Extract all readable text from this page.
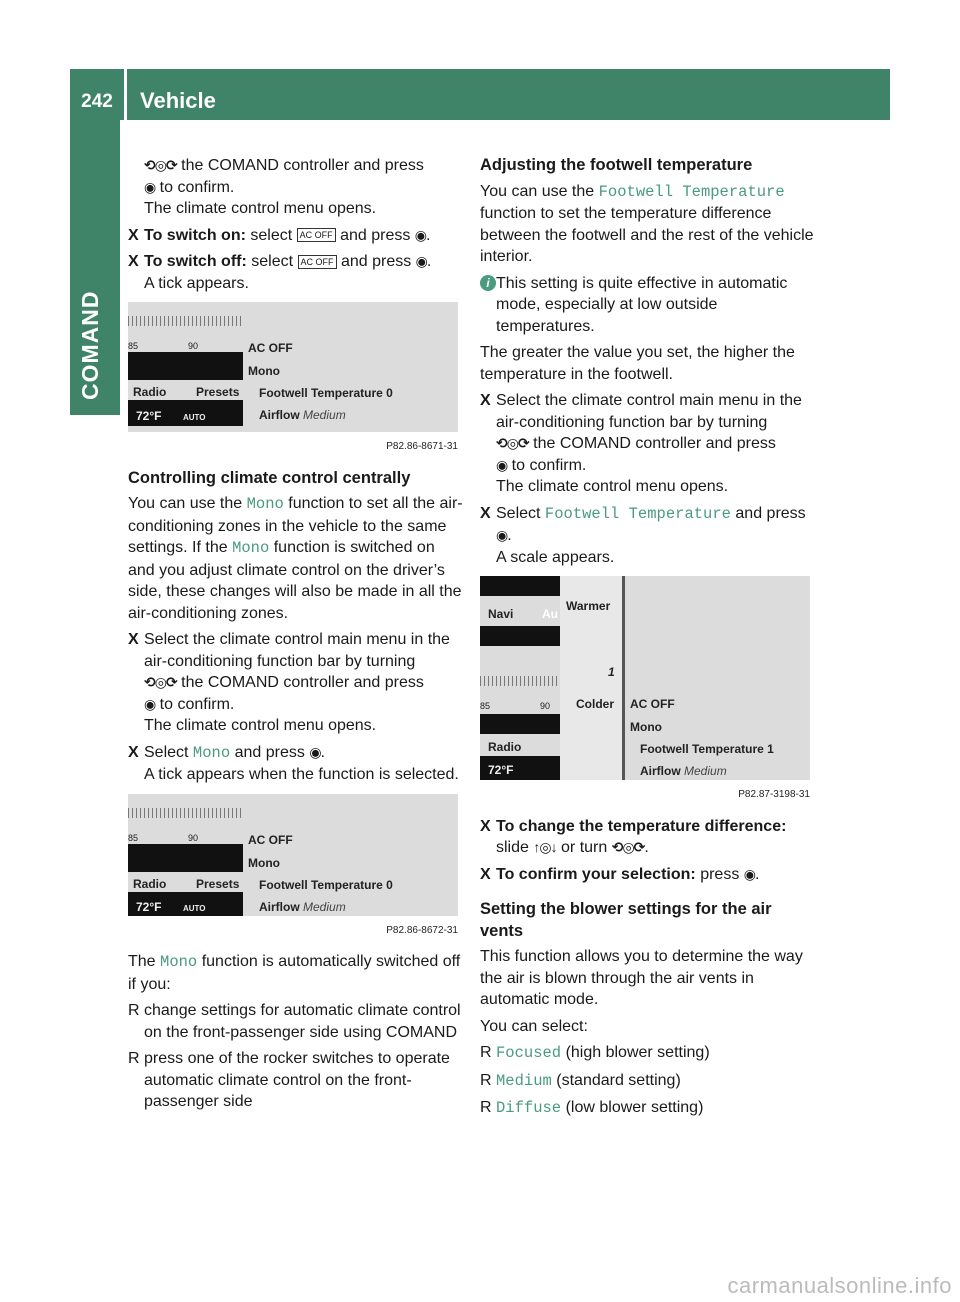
242	Vehicle
COMAND

⟲◎⟳ the COMAND controller and press
◉ to confirm.
The climate control menu opens.

X To switch on: select AC OFF and press ◉.
X To switch off: select AC OFF and press ◉.
A tick appears.
85	90
Radio Presets
72°F	AUTO
AC OFF
Mono
Footwell Temperature 0
Airflow Medium
P82.86-8671-31

Controlling climate control centrally

You can use the Mono function to set all the air-conditioning zones in the vehicle to the same settings. If the Mono function is switched on and you adjust climate control on the driver’s side, these changes will also be made in all the air-conditioning zones.

X Select the climate control main menu in the air-conditioning function bar by turning
⟲◎⟳ the COMAND controller and press
◉ to confirm.
The climate control menu opens.
X Select Mono and press ◉.
A tick appears when the function is selected.
85	90
Radio Presets
72°F	AUTO
AC OFF
Mono
Footwell Temperature 0
Airflow Medium
P82.86-8672-31

The Mono function is automatically switched off if you:

R change settings for automatic climate control on the front-passenger side using COMAND
R press one of the rocker switches to operate automatic climate control on the front-passenger side

Adjusting the footwell temperature

You can use the Footwell Temperature function to set the temperature difference between the footwell and the rest of the vehicle interior.

i This setting is quite effective in automatic mode, especially at low outside temperatures.

The greater the value you set, the higher the temperature in the footwell.

X Select the climate control main menu in the air-conditioning function bar by turning
⟲◎⟳ the COMAND controller and press
◉ to confirm.
The climate control menu opens.
X Select Footwell Temperature and press
◉.
A scale appears.
Navi Au
85	90
Radio
72°F
Warmer
1
Colder AC OFF
Mono
Footwell Temperature 1
Airflow Medium
P82.87-3198-31
X To change the temperature difference:
slide ↑◎↓ or turn ⟲◎⟳.
X To confirm your selection: press ◉.

Setting the blower settings for the air vents

This function allows you to determine the way the air is blown through the air vents in automatic mode.

You can select:

R Focused (high blower setting)
R Medium (standard setting)
R Diffuse (low blower setting)
carmanualsonline.info
